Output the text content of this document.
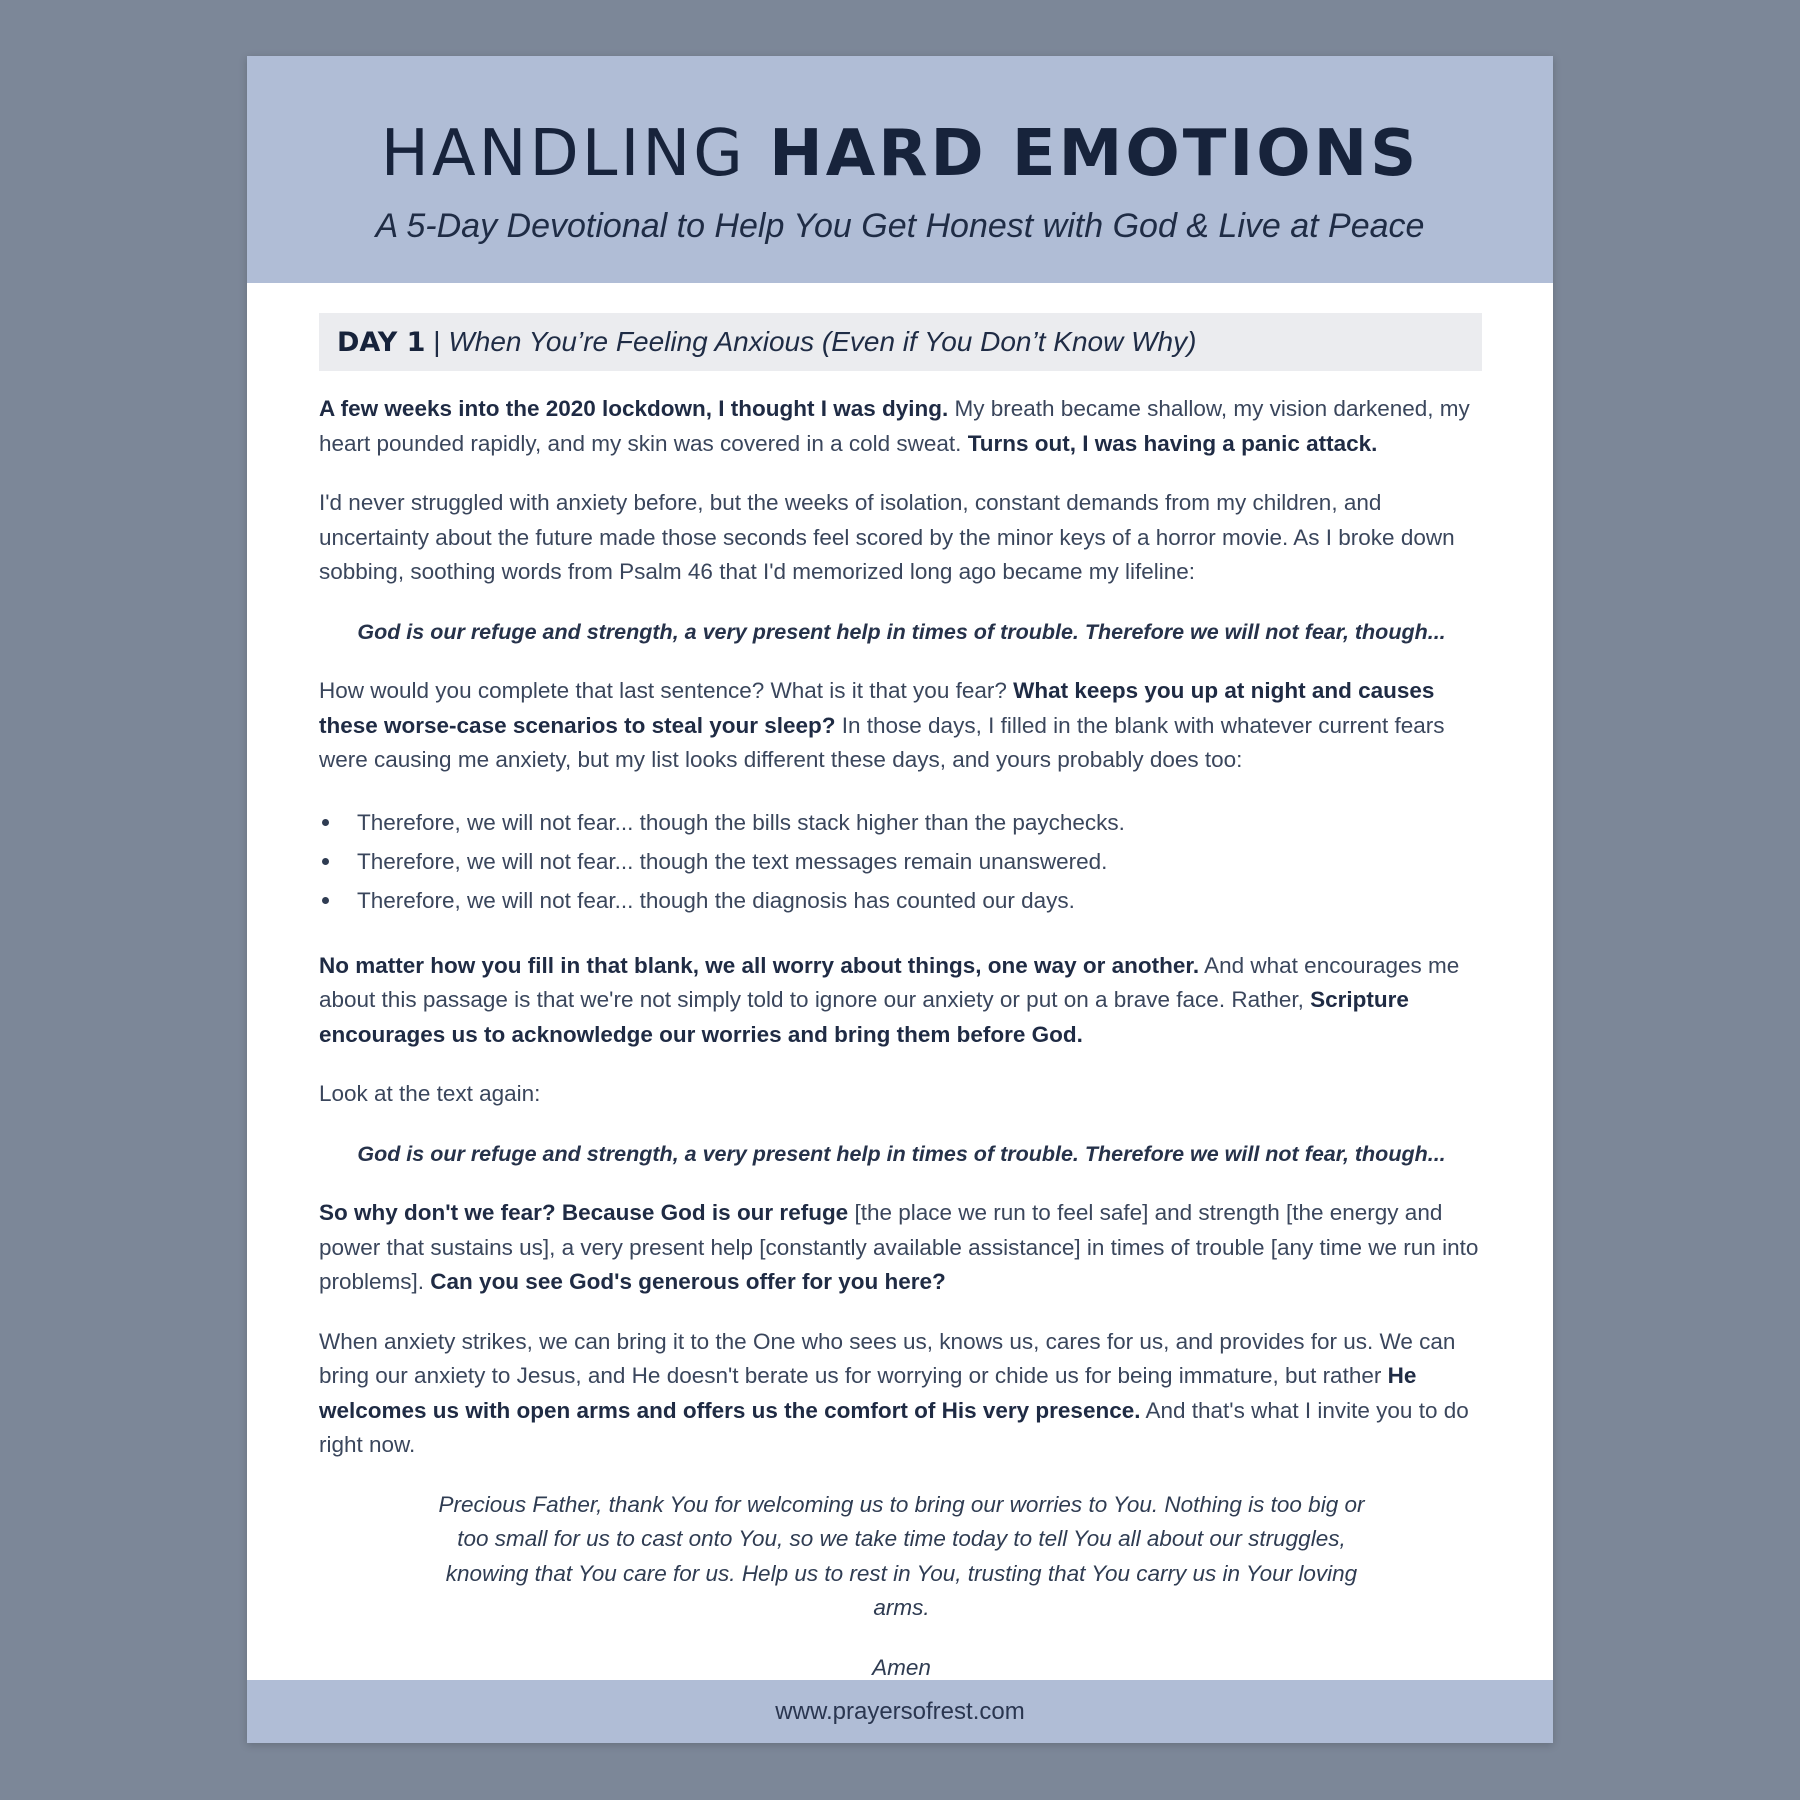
HANDLING HARD EMOTIONS
A 5-Day Devotional to Help You Get Honest with God & Live at Peace
DAY 1 | When You’re Feeling Anxious (Even if You Don’t Know Why)

A few weeks into the 2020 lockdown, I thought I was dying. My breath became shallow, my vision darkened, my heart pounded rapidly, and my skin was covered in a cold sweat. Turns out, I was having a panic attack.

I'd never struggled with anxiety before, but the weeks of isolation, constant demands from my children, and uncertainty about the future made those seconds feel scored by the minor keys of a horror movie. As I broke down sobbing, soothing words from Psalm 46 that I'd memorized long ago became my lifeline:

God is our refuge and strength, a very present help in times of trouble. Therefore we will not fear, though...

How would you complete that last sentence? What is it that you fear? What keeps you up at night and causes these worse-case scenarios to steal your sleep? In those days, I filled in the blank with whatever current fears were causing me anxiety, but my list looks different these days, and yours probably does too:

Therefore, we will not fear... though the bills stack higher than the paychecks.
Therefore, we will not fear... though the text messages remain unanswered.
Therefore, we will not fear... though the diagnosis has counted our days.

No matter how you fill in that blank, we all worry about things, one way or another. And what encourages me about this passage is that we're not simply told to ignore our anxiety or put on a brave face. Rather, Scripture encourages us to acknowledge our worries and bring them before God.

Look at the text again:

God is our refuge and strength, a very present help in times of trouble. Therefore we will not fear, though...

So why don't we fear? Because God is our refuge [the place we run to feel safe] and strength [the energy and power that sustains us], a very present help [constantly available assistance] in times of trouble [any time we run into problems]. Can you see God's generous offer for you here?

When anxiety strikes, we can bring it to the One who sees us, knows us, cares for us, and provides for us. We can bring our anxiety to Jesus, and He doesn't berate us for worrying or chide us for being immature, but rather He welcomes us with open arms and offers us the comfort of His very presence. And that's what I invite you to do right now.

Precious Father, thank You for welcoming us to bring our worries to You. Nothing is too big or too small for us to cast onto You, so we take time today to tell You all about our struggles, knowing that You care for us. Help us to rest in You, trusting that You carry us in Your loving arms.
Amen
www.prayersofrest.com
